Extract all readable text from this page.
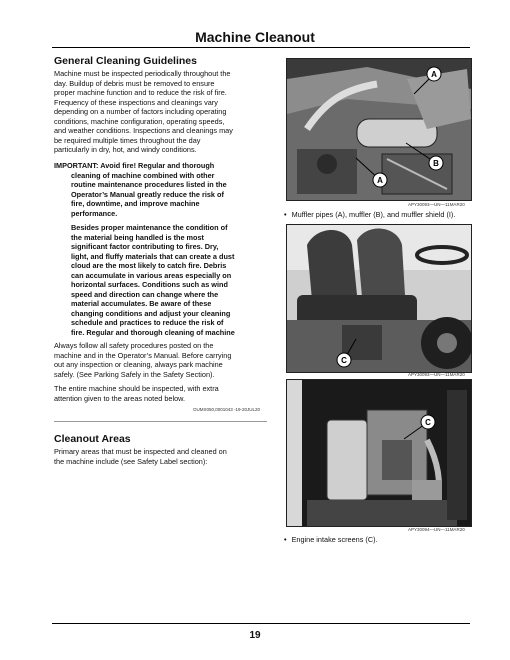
Machine Cleanout
General Cleaning Guidelines
Machine must be inspected periodically throughout the
day. Buildup of debris must be removed to ensure
proper machine function and to reduce the risk of fire.
Frequency of these inspections and cleanings vary
depending on a number of factors including operating
conditions, machine configuration, operating speeds,
and weather conditions. Inspections and cleanings may
be required multiple times throughout the day
particularly in dry, hot, and windy conditions.
IMPORTANT: Avoid fire! Regular and thorough
cleaning of machine combined with other
routine maintenance procedures listed in the
Operator’s Manual greatly reduce the risk of
fire, downtime, and improve machine
performance.
Besides proper maintenance the condition of
the material being handled is the most
significant factor contributing to fires. Dry,
light, and fluffy materials that can create a dust
cloud are the most likely to catch fire. Debris
can accumulate in various areas especially on
horizontal surfaces. Conditions such as wind
speed and direction can change where the
material accumulates. Be aware of these
changing conditions and adjust your cleaning
schedule and practices to reduce the risk of
fire. Regular and thorough cleaning of machine
Always follow all safety procedures posted on the
machine and in the Operator’s Manual. Before carrying
out any inspection or cleaning, always park machine
safely. (See Parking Safely in the Safety Section).
The entire machine should be inspected, with extra
attention given to the areas noted below.
OUMX050,0001043 -19-20JUL20
Cleanout Areas
Primary areas that must be inspected and cleaned on
the machine include (see Safety Label section):
A
B
A
APY30093—UN—11MAR20
• Muffler pipes (A), muffler (B), and muffler shield (I).
C
APY30093—UN—11MAR20
C
APY30094—UN—11MAR20
• Engine intake screens (C).
19
